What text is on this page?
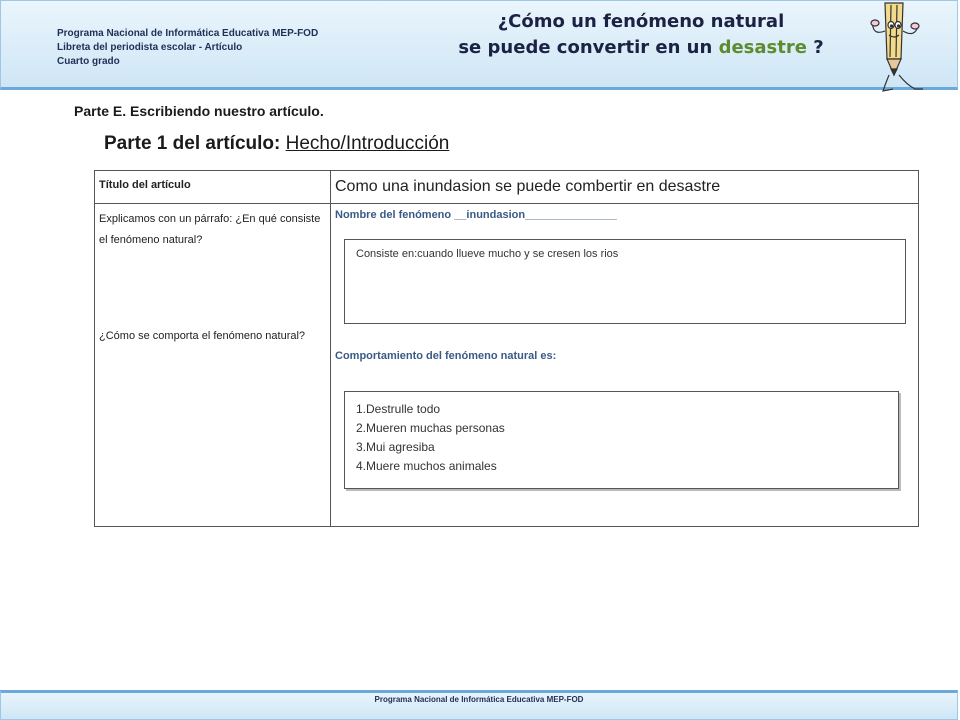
Programa Nacional de Informática Educativa MEP-FOD
Libreta del periodista escolar - Artículo
Cuarto grado
¿Cómo un fenómeno natural
se puede convertir en un desastre ?
Parte E. Escribiendo nuestro artículo.
Parte 1 del artículo: Hecho/Introducción
Título del artículo	Como una inundasion se puede combertir en desastre
Explicamos con un párrafo: ¿En qué consiste el fenómeno natural?
¿Cómo se comporta el fenómeno natural?
Nombre del fenómeno __inundasion_______________
Consiste en:cuando llueve mucho y se cresen los rios
Comportamiento del fenómeno natural es:
1.Destrulle todo
2.Mueren muchas personas
3.Mui agresiba
4.Muere muchos animales
Programa Nacional de Informática Educativa MEP-FOD
